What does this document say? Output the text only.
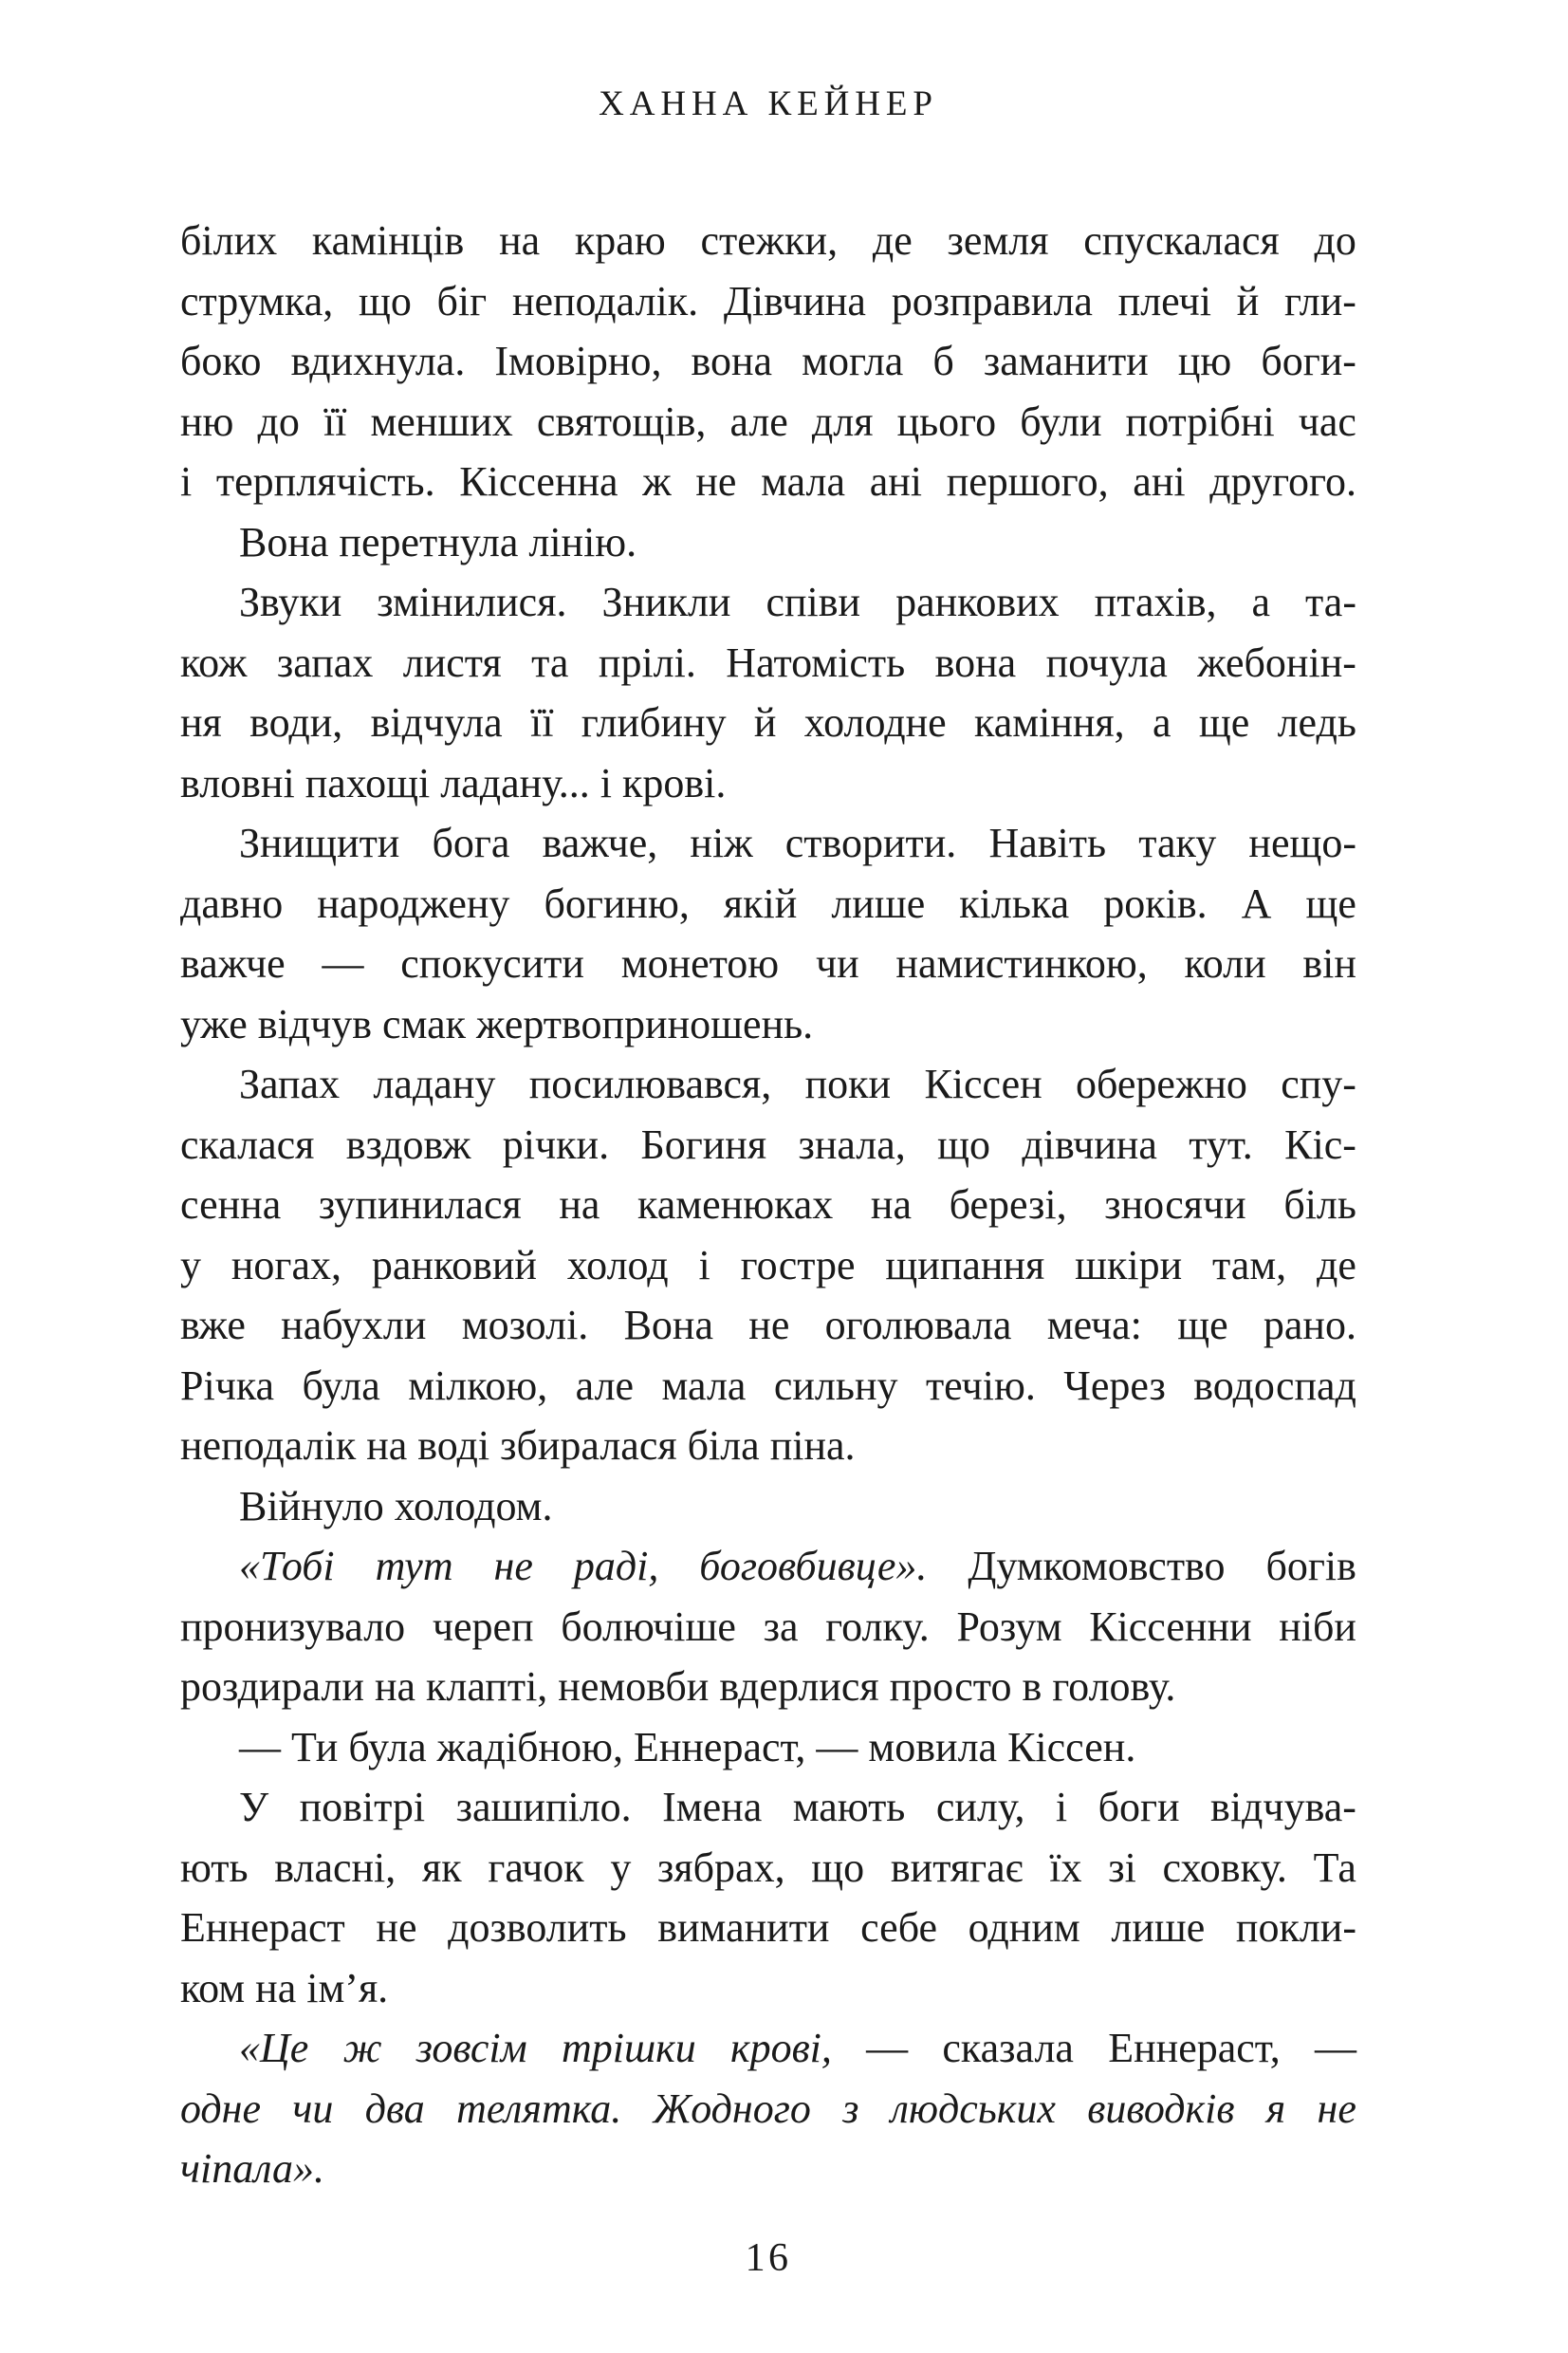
ХАННА КЕЙНЕР
білих камінців на краю стежки, де земля спускалася до
струмка, що біг неподалік. Дівчина розправила плечі й гли-
боко вдихнула. Імовірно, вона могла б заманити цю боги-
ню до її менших святощів, але для цього були потрібні час
і терплячість. Кіссенна ж не мала ані першого, ані другого.
Вона перетнула лінію.
Звуки змінилися. Зникли співи ранкових птахів, а та-
кож запах листя та прілі. Натомість вона почула жебонін-
ня води, відчула її глибину й холодне каміння, а ще ледь
вловні пахощі ладану... і крові.
Знищити бога важче, ніж створити. Навіть таку нещо-
давно народжену богиню, якій лише кілька років. А ще
важче — спокусити монетою чи намистинкою, коли він
уже відчув смак жертвоприношень.
Запах ладану посилювався, поки Кіссен обережно спу-
скалася вздовж річки. Богиня знала, що дівчина тут. Кіс-
сенна зупинилася на каменюках на березі, зносячи біль
у ногах, ранковий холод і гостре щипання шкіри там, де
вже набухли мозолі. Вона не оголювала меча: ще рано.
Річка була мілкою, але мала сильну течію. Через водоспад
неподалік на воді збиралася біла піна.
Війнуло холодом.
«Тобі тут не раді, боговбивце». Думкомовство богів
пронизувало череп болючіше за голку. Розум Кіссенни ніби
роздирали на клапті, немовби вдерлися просто в голову.
— Ти була жадібною, Еннераст, — мовила Кіссен.
У повітрі зашипіло. Імена мають силу, і боги відчува-
ють власні, як гачок у зябрах, що витягає їх зі сховку. Та
Еннераст не дозволить виманити себе одним лише покли-
ком на ім’я.
«Це ж зовсім трішки крові, — сказала Еннераст, —
одне чи два телятка. Жодного з людських виводків я не
чіпала».
16
